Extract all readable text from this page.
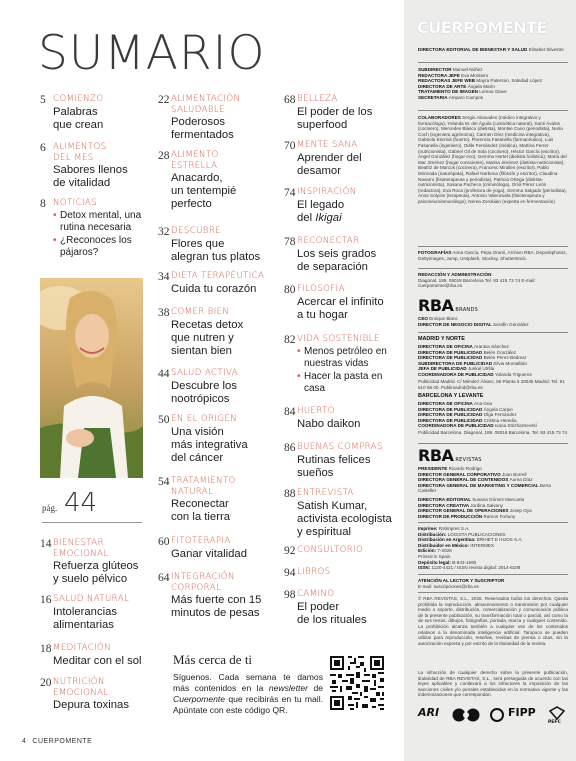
SUMARIO
5 COMIENZO
Palabras
que crean
6 ALIMENTOS
DEL MES
Sabores llenos
de vitalidad
8 NOTICIAS
• Detox mental, una rutina necesaria
• ¿Reconoces los pájaros?
pág. 44
14 BIENESTAR
EMOCIONAL
Refuerza glúteos
y suelo pélvico
16 SALUD NATURAL
Intolerancias
alimentarias
18 MEDITACIÓN
Meditar con el sol
20 NUTRICIÓN
EMOCIONAL
Depura toxinas
22 ALIMENTACIÓN
SALUDABLE
Poderosos
fermentados
28 ALIMENTO
ESTRELLA
Anacardo,
un tentempié
perfecto
32 DESCUBRE
Flores que
alegran tus platos
34 DIETA TERAPÉUTICA
Cuida tu corazón
38 COMER BIEN
Recetas detox
que nutren y
sientan bien
44 SALUD ACTIVA
Descubre los
nootrópicos
50 EN EL ORIGEN
Una visión
más integrativa
del cáncer
54 TRATAMIENTO
NATURAL
Reconectar
con la tierra
60 FITOTERAPIA
Ganar vitalidad
64 INTEGRACIÓN
CORPORAL
Más fuerte con 15
minutos de pesas
68 BELLEZA
El poder de los
superfood
70 MENTE SANA
Aprender del
desamor
74 INSPIRACIÓN
El legado
del Ikigai
78 RECONECTAR
Los seis grados
de separación
80 FILOSOFÍA
Acercar el infinito
a tu hogar
82 VIDA SOSTENIBLE
• Menos petróleo en nuestras vidas
• Hacer la pasta en casa
84 HUERTO
Nabo daikon
86 BUENAS COMPRAS
Rutinas felices
sueños
88 ENTREVISTA
Satish Kumar,
activista ecologista
y espiritual
92 CONSULTORIO
94 LIBROS
98 CAMINO
El poder
de los rituales
Más cerca de ti
Síguenos. Cada semana te damos más contenidos en la newsletter de Cuerpomente que recibirás en tu mail. Apúntate con este código QR.
4 CUERPOMENTE
CUERPOMENTE
DIRECTORA EDITORIAL DE BIENESTAR Y SALUD Elisabet Silvestre
SUBDIRECTOR Manuel Núñez
REDACTORA JEFE Eva Monteiro
REDACTORAS JEFE WEB Mayra Paterson, Soledad López
DIRECTORA DE ARTE Ángela Marín
TRATAMIENTO DE IMAGEN Lorena Glave
SECRETARIA Amparo Campos
COLABORADORES Sergio Abanades (médico integrativo y farmacólogo), Yolanda M. del Águila (cosmética natural), Santi Ávalos (cocinero), Mercedes Blasco (dietista), Montse Cano (periodista), Nuria Coch (ingeniera agrónoma), Carmen Díez (medicina integrativa), Gabriela Escrivà (huerto), Florencia Fasanella (farmacéutica), Luis Fasanella (ingeniero), Odile Fernández (médica), Martina Ferrer (nutricionista), Gabriel Gil de Sola (cocinero), Héctor García (escritor), Ángel González (hogar eco), Gemma Hortet (dietista holística), María del Mar Jiménez (hogar consciente), Marisa Jiménez (dietista-nutricionista), Beatriz de Marcos (cocinera), Francesc Miralles (escritor), Pablo Moncada (naturópata), Rafael Narbona (filósofo y escritor), Claudina Navarro (fisioterapeuta y periodista), Patricia Ortega (dietista-nutricionista), Susana Pacheco (criminóloga), Oriol Pérez León (redactora), Eva Roca (profesora de yoga), Gemma Salgado (periodista), Anna Solyom (terapeuta), Antonio Valenzuela (fisioterapeuta y psiconeuroinmunólogo), Nerea Zorokiain (experta en fermentación)
FOTOGRAFÍAS Anna García, Pepa Orami, Archivo RBA, Depositphotos, Gettyimages, Jump, Unsplash, Stocksy, Shutterstock.
REDACCIÓN Y ADMINISTRACIÓN
Diagonal, 189. 08018 Barcelona Tel. 93 415 73 74 E-mail: cuerpomente@rba.es
RBA BRANDS
CEO Enrique Blanc
DIRECTOR DE NEGOCIO DIGITAL Serafín González
MADRID Y NORTE
DIRECTORA DE OFICINA Arantxa Sánchez
DIRECTORA DE PUBLICIDAD Belén González
DIRECTORA DE PUBLICIDAD Belén Pérez-Bedmar
SUBDIRECTORA DE PUBLICIDAD Silvia Montalbán
JEFA DE PUBLICIDAD Junkal Utrilla
COORDINADORA DE PUBLICIDAD Yolanda Trigueros
Publicidad Madrid. C/ Méndez Álvaro, 56 Planta 5 28045 Madrid. Tel. 91 510 66 00. Publimadrid@rba.es
BARCELONA Y LEVANTE
DIRECTORA DE OFICINA Ana Gea
DIRECTORA DE PUBLICIDAD Ángela Carpio
DIRECTORA DE PUBLICIDAD Olga Fernández
DIRECTORA DE PUBLICIDAD Cristina Heredia
COORDINADORA DE PUBLICIDAD Ivana Strizhazsevski
Publicidad Barcelona. Diagonal, 189. 08018 Barcelona. Tel. 93 415 73 74
RBA REVISTAS
PRESIDENTE Ricardo Rodrigo
DIRECTOR GENERAL CORPORATIVO Joan Borrell
DIRECTORA GENERAL DE CONTENIDOS Aurea Díaz
DIRECTORA GENERAL DE MARKETING Y COMERCIAL Berta Castellet
DIRECTORA EDITORIAL Susana Gómez Marcuela
DIRECTORA CREATIVA Jordina Salvany
DIRECTOR GENERAL DE OPERACIONES Josep Oya
DIRECTOR DE PRODUCCIÓN Ramon Fortuny
Imprime: Rotimpres S.A.
Distribución: LOGISTA PUBLICACIONES
Distribución en Argentina: BRIHET E HIJOS S.A.
Distribuidor en México: INTERMEX
Edición: 7-2026
Printed in Spain
Depósito legal: B-843-1990
ISSN: 1130-4421 / ISSN revista digital: 2014-6108
ATENCIÓN AL LECTOR Y SUSCRIPTOR
E-mail: suscripciones@rba.es
© RBA REVISTAS, S.L., 2026. Reservados todos los derechos. Queda prohibida la reproducción, almacenamiento o transmisión por cualquier medio o soporte, distribución, comercialización y comunicación pública de la presente publicación, su transformación total o parcial, así como la de sus textos, dibujos, fotografías, portada, marca y cualquier contenido. La prohibición alcanza también a cualquier uso de los contenidos relativos a la denominada inteligencia artificial. Tampoco se pueden utilizar para reproducción, reseñas, revistas de prensa o citas, sin la autorización expresa y por escrito de la titularidad de la revista.
La infracción de cualquier derecho sobre la presente publicación, titularidad de RBA REVISTAS, S.L., será perseguida de acuerdo con las leyes aplicables y conllevará a los infractores la imposición de las sanciones civiles y/o penales establecidas en la normativa vigente y las indemnizaciones que correspondan.
ARI	FIPP
PEFC
